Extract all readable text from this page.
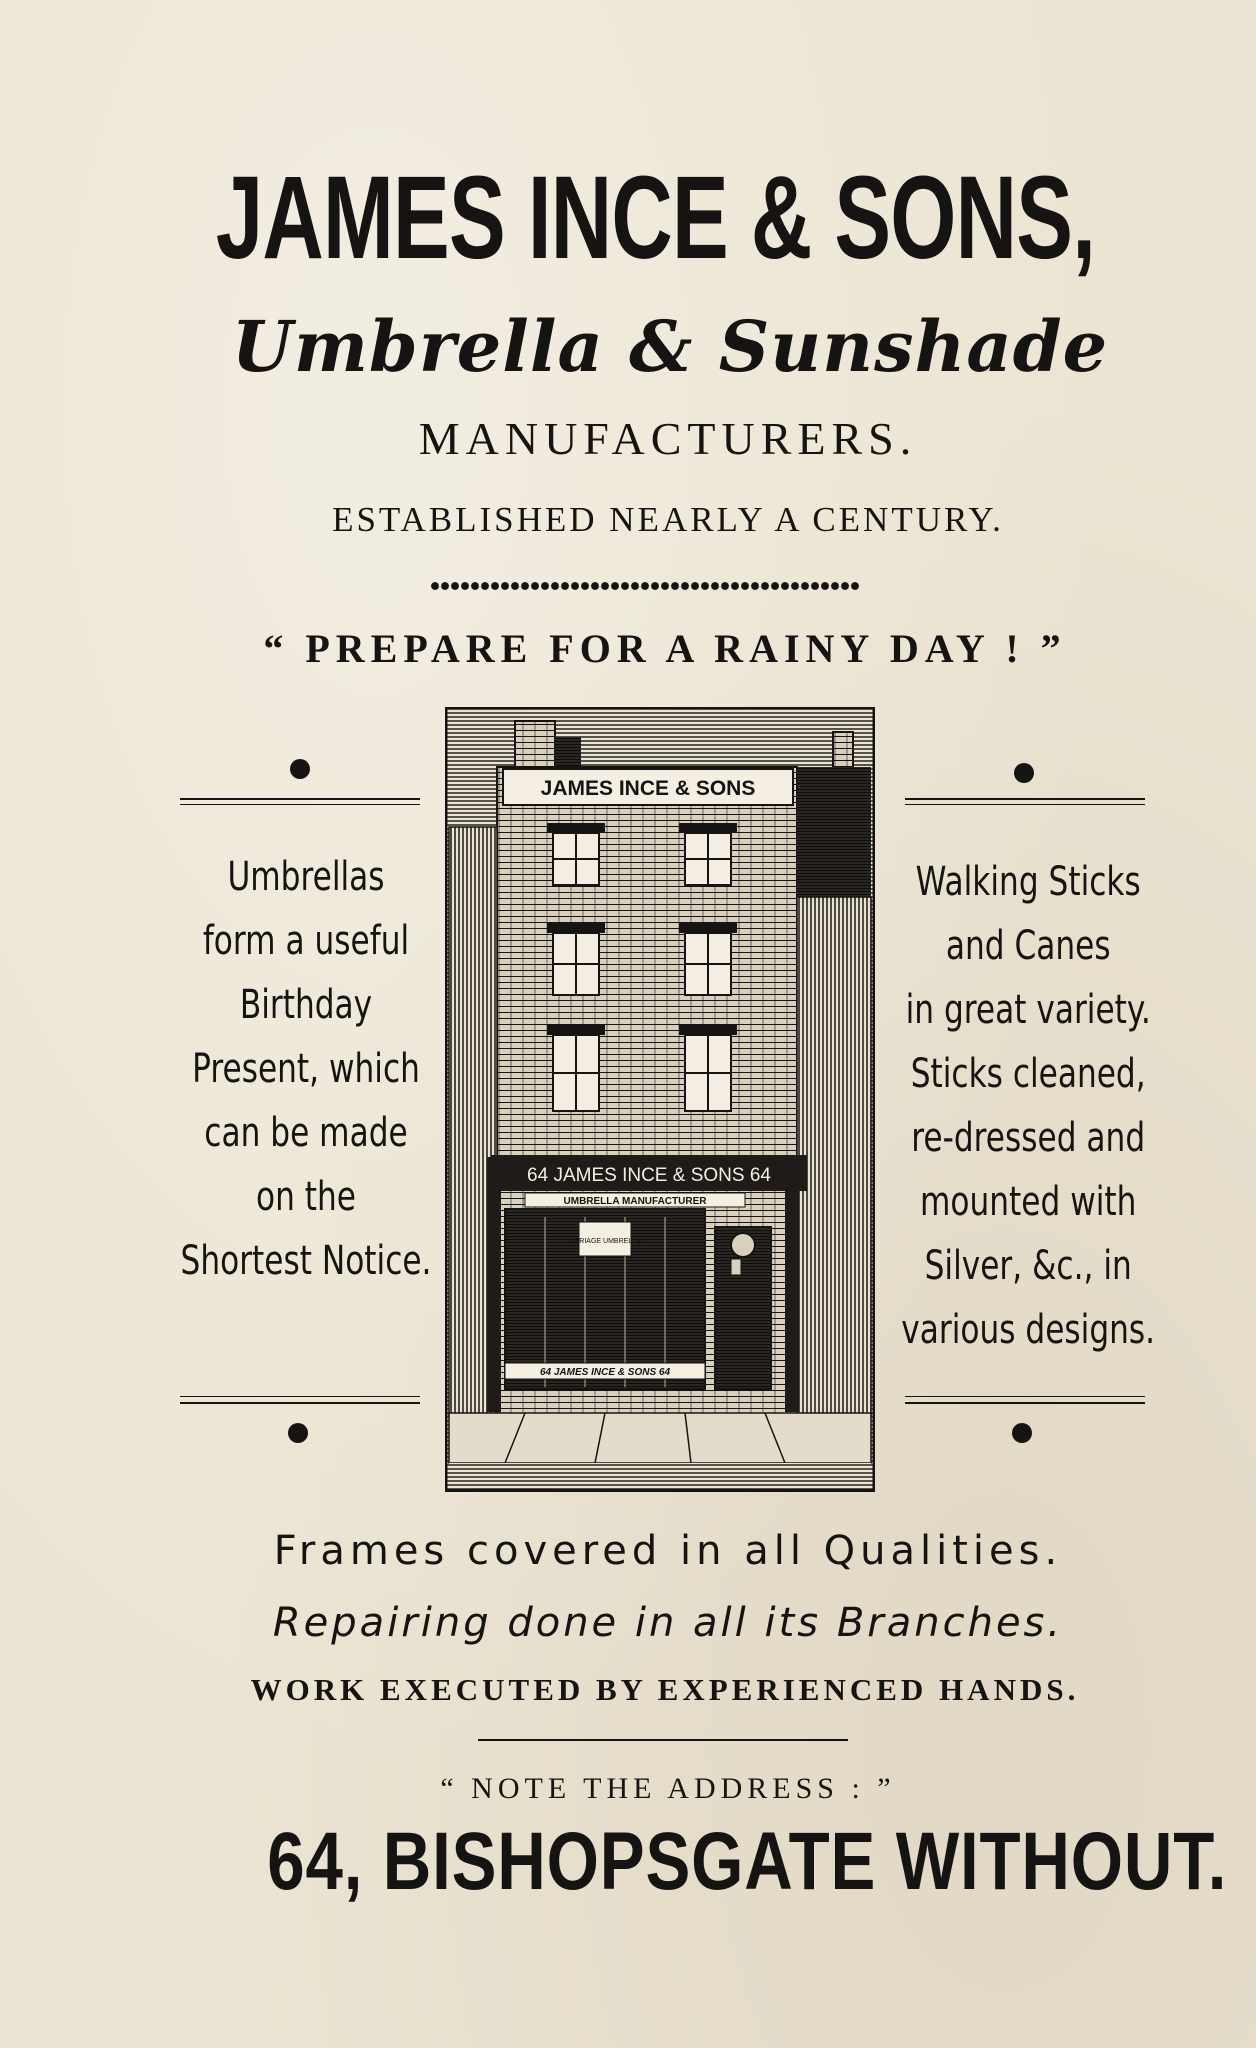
JAMES INCE & SONS,
Umbrella & Sunshade
MANUFACTURERS.
ESTABLISHED NEARLY A CENTURY.
“ PREPARE FOR A RAINY DAY ! ”
Umbrellas
form a useful
Birthday
Present, which
can be made
on the
Shortest Notice.
Walking Sticks
and Canes
in great variety.
Sticks cleaned,
re-dressed and
mounted with
Silver, &c., in
various designs.
JAMES INCE & SONS
64 JAMES INCE & SONS 64
UMBRELLA MANUFACTURER
CARRIAGE UMBRELLAS
64 JAMES INCE & SONS 64
Frames covered in all Qualities.
Repairing done in all its Branches.
WORK EXECUTED BY EXPERIENCED HANDS.
“ NOTE THE ADDRESS : ”
64, BISHOPSGATE WITHOUT.
